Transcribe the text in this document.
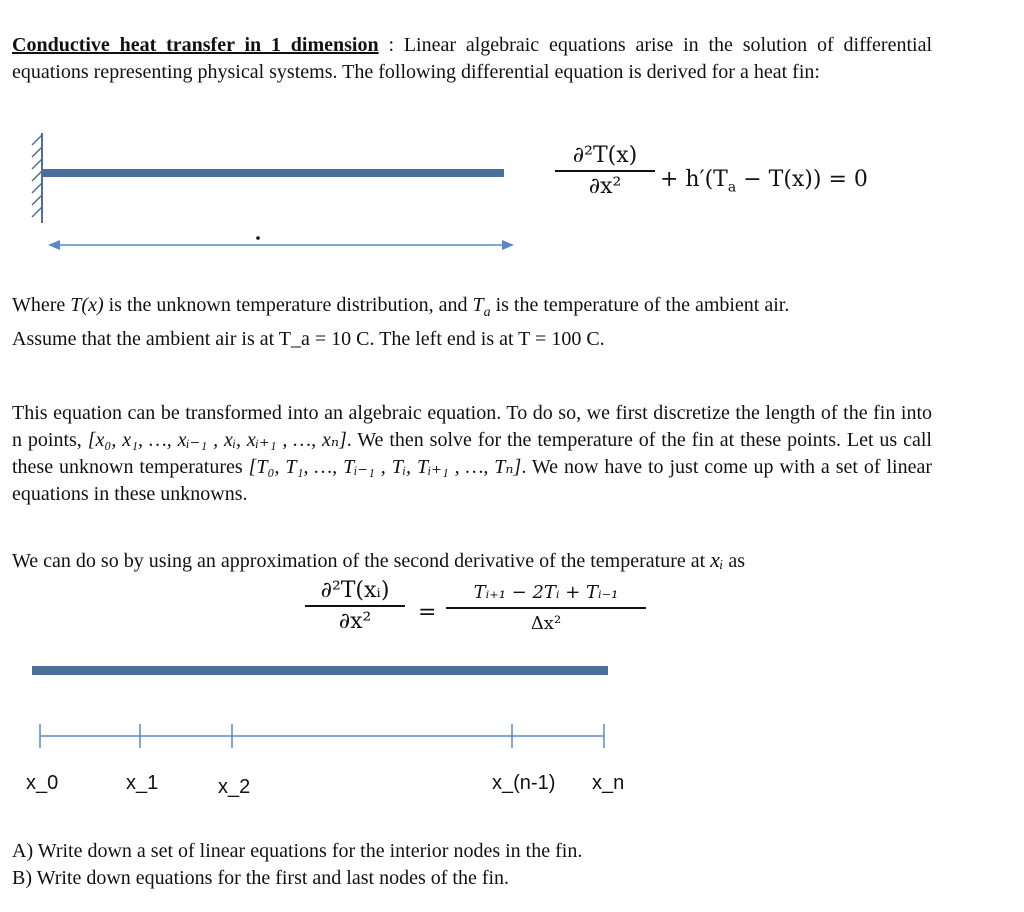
Conductive heat transfer in 1 dimension : Linear algebraic equations arise in the solution of differential equations representing physical systems. The following differential equation is derived for a heat fin:

∂²T(x)
∂x²	+ $h'(T_a - T(x)) = 0$

Where T(x) is the unknown temperature distribution, and $T_a$ is the temperature of the ambient air.
Assume that the ambient air is at T_a = 10 C. The left end is at T = 100 C.

This equation can be transformed into an algebraic equation. To do so, we first discretize the length of the fin into n points, [x₀, x₁, …, xᵢ₋₁ , xᵢ, xᵢ₊₁ , …, xₙ]. We then solve for the temperature of the fin at these points. Let us call these unknown temperatures [T₀, T₁, …, Tᵢ₋₁ , Tᵢ, Tᵢ₊₁ , …, Tₙ]. We now have to just come up with a set of linear equations in these unknowns.

We can do so by using an approximation of the second derivative of the temperature at xᵢ as

∂²T(xᵢ)
∂x²	=
Tᵢ₊₁ − 2Tᵢ + Tᵢ₋₁
Δx²
x_0	x_1	x_2	x_(n-1) x_n
A) Write down a set of linear equations for the interior nodes in the fin.
B) Write down equations for the first and last nodes of the fin.
